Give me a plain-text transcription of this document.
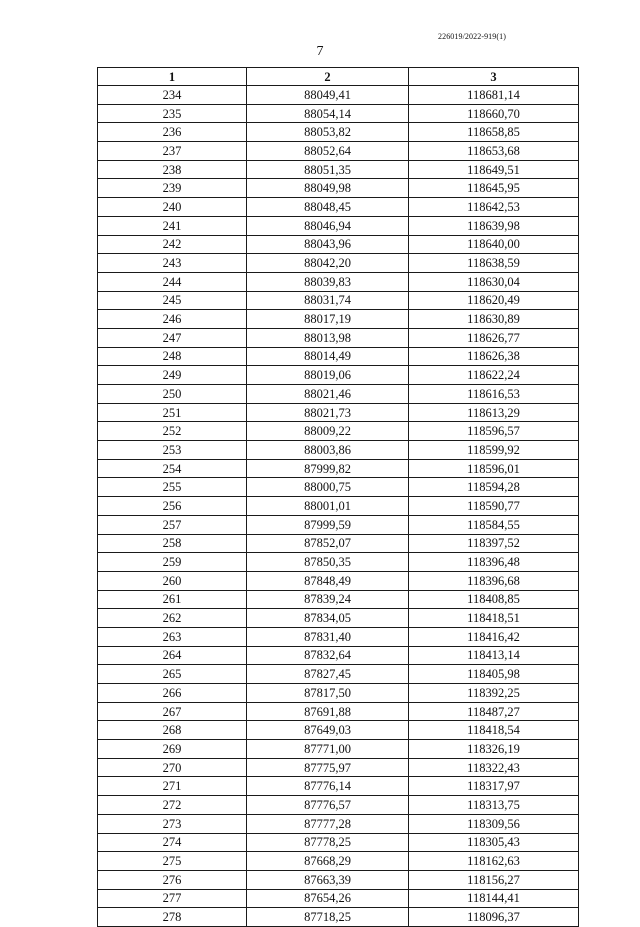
226019/2022-919(1)
7
1	2	3
234	88049,41	118681,14
235	88054,14	118660,70
236	88053,82	118658,85
237	88052,64	118653,68
238	88051,35	118649,51
239	88049,98	118645,95
240	88048,45	118642,53
241	88046,94	118639,98
242	88043,96	118640,00
243	88042,20	118638,59
244	88039,83	118630,04
245	88031,74	118620,49
246	88017,19	118630,89
247	88013,98	118626,77
248	88014,49	118626,38
249	88019,06	118622,24
250	88021,46	118616,53
251	88021,73	118613,29
252	88009,22	118596,57
253	88003,86	118599,92
254	87999,82	118596,01
255	88000,75	118594,28
256	88001,01	118590,77
257	87999,59	118584,55
258	87852,07	118397,52
259	87850,35	118396,48
260	87848,49	118396,68
261	87839,24	118408,85
262	87834,05	118418,51
263	87831,40	118416,42
264	87832,64	118413,14
265	87827,45	118405,98
266	87817,50	118392,25
267	87691,88	118487,27
268	87649,03	118418,54
269	87771,00	118326,19
270	87775,97	118322,43
271	87776,14	118317,97
272	87776,57	118313,75
273	87777,28	118309,56
274	87778,25	118305,43
275	87668,29	118162,63
276	87663,39	118156,27
277	87654,26	118144,41
278	87718,25	118096,37
